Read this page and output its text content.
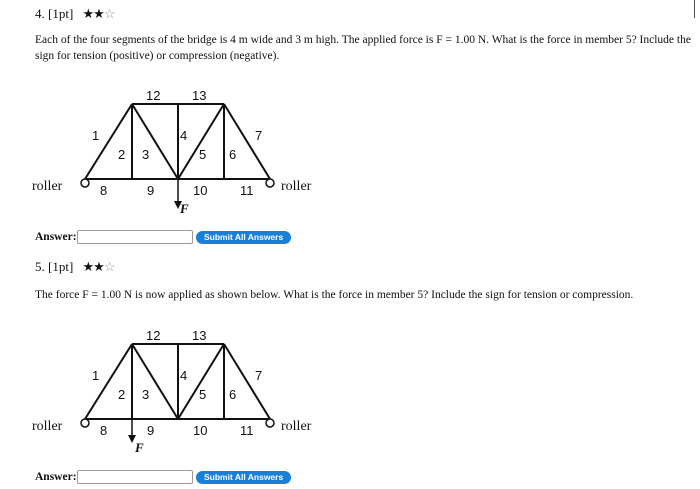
4. [1pt] ★★☆
Each of the four segments of the bridge is 4 m wide and 3 m high. The applied force is F = 1.00 N. What is the force in member 5? Include the sign for tension (positive) or compression (negative).
F
roller	roller
1
2 3
4
5 6
7
8	9	10	11
12 13
Answer:	Submit All Answers
5. [1pt] ★★☆
The force F = 1.00 N is now applied as shown below. What is the force in member 5? Include the sign for tension or compression.
F
roller	roller
1
2 3
4
5 6
7
8	9	10	11
12 13
Answer:	Submit All Answers
